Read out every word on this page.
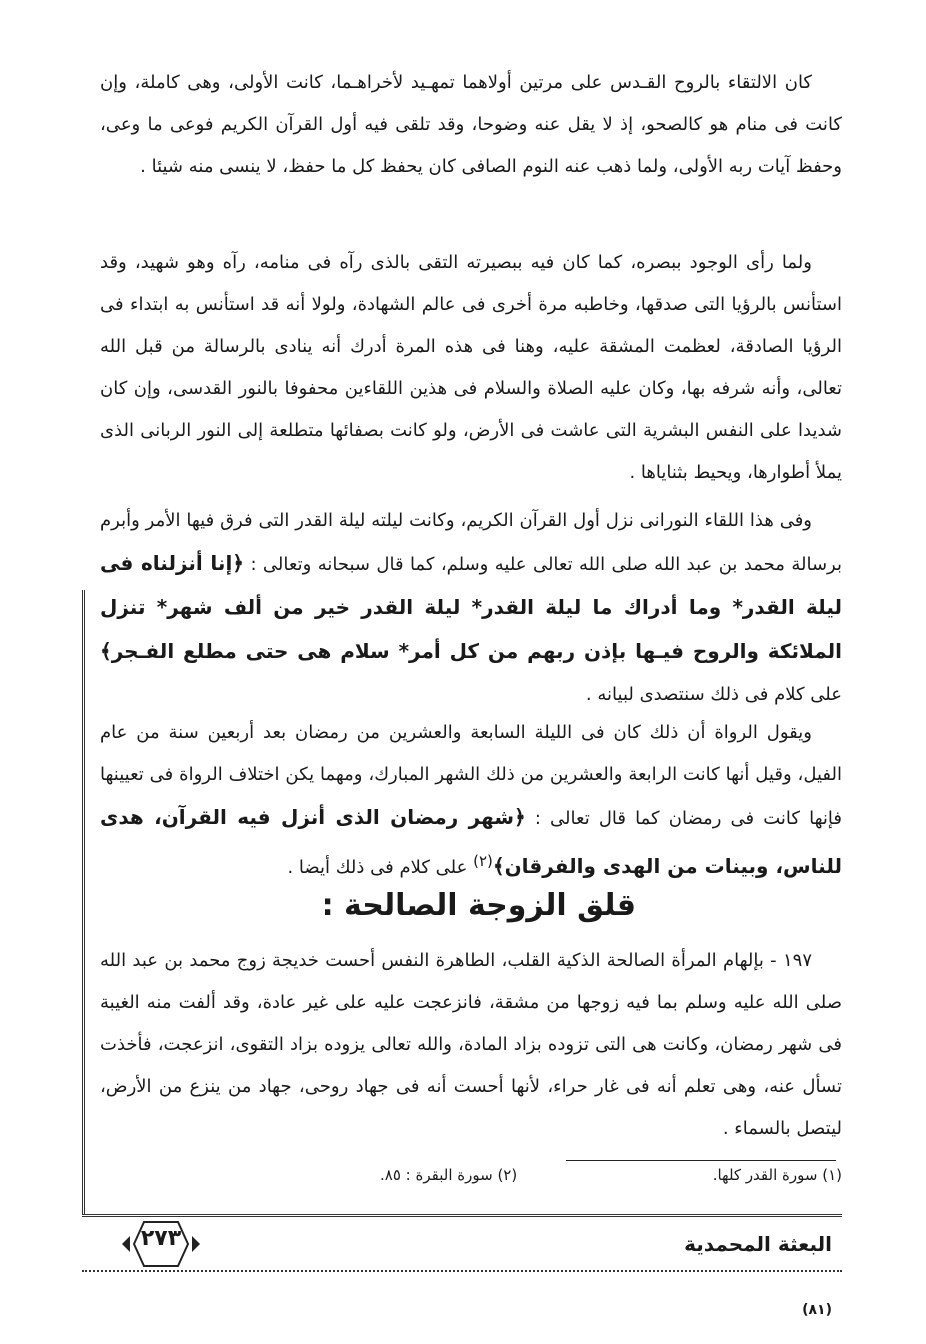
كان الالتقاء بالروح القـدس على مرتين أولاهما تمهـيد لأخراهـما، كانت الأولى، وهى كاملة، وإن كانت فى منام هو كالصحو، إذ لا يقل عنه وضوحا، وقد تلقى فيه أول القرآن الكريم فوعى ما وعى، وحفظ آيات ربه الأولى، ولما ذهب عنه النوم الصافى كان يحفظ كل ما حفظ، لا ينسى منه شيئا .

ولما رأى الوجود ببصره، كما كان فيه ببصيرته التقى بالذى رآه فى منامه، رآه وهو شهيد، وقد استأنس بالرؤيا التى صدقها، وخاطبه مرة أخرى فى عالم الشهادة، ولولا أنه قد استأنس به ابتداء فى الرؤيا الصادقة، لعظمت المشقة عليه، وهنا فى هذه المرة أدرك أنه ينادى بالرسالة من قبل الله تعالى، وأنه شرفه بها، وكان عليه الصلاة والسلام فى هذين اللقاءين محفوفا بالنور القدسى، وإن كان شديدا على النفس البشرية التى عاشت فى الأرض، ولو كانت بصفائها متطلعة إلى النور الربانى الذى يملأ أطوارها، ويحيط بثناياها .

وفى هذا اللقاء النورانى نزل أول القرآن الكريم، وكانت ليلته ليلة القدر التى فرق فيها الأمر وأبرم برسالة محمد بن عبد الله صلى الله تعالى عليه وسلم، كما قال سبحانه وتعالى : ﴿إنا أنزلناه فى ليلة القدر* وما أدراك ما ليلة القدر* ليلة القدر خير من ألف شهر* تنزل الملائكة والروح فيـها بإذن ربهم من كل أمر* سلام هى حتى مطلع الفـجر﴾ على كلام فى ذلك سنتصدى لبيانه .

ويقول الرواة أن ذلك كان فى الليلة السابعة والعشرين من رمضان بعد أربعين سنة من عام الفيل، وقيل أنها كانت الرابعة والعشرين من ذلك الشهر المبارك، ومهما يكن اختلاف الرواة فى تعيينها فإنها كانت فى رمضان كما قال تعالى : ﴿شهر رمضان الذى أنزل فيه القرآن، هدى للناس، وبينات من الهدى والفرقان﴾$^{(٢)}$ على كلام فى ذلك أيضا .

قلق الزوجة الصالحة :

١٩٧ - بإلهام المرأة الصالحة الذكية القلب، الطاهرة النفس أحست خديجة زوج محمد بن عبد الله صلى الله عليه وسلم بما فيه زوجها من مشقة، فانزعجت عليه على غير عادة، وقد ألفت منه الغيبة فى شهر رمضان، وكانت هى التى تزوده بزاد المادة، والله تعالى يزوده بزاد التقوى، انزعجت، فأخذت تسأل عنه، وهى تعلم أنه فى غار حراء، لأنها أحست أنه فى جهاد روحى، جهاد من ينزع من الأرض، ليتصل بالسماء .

(١) سورة القدر كلها.
(٢) سورة البقرة : ٨٥.
٢٧٣	البعثة المحمدية
(٨١)
